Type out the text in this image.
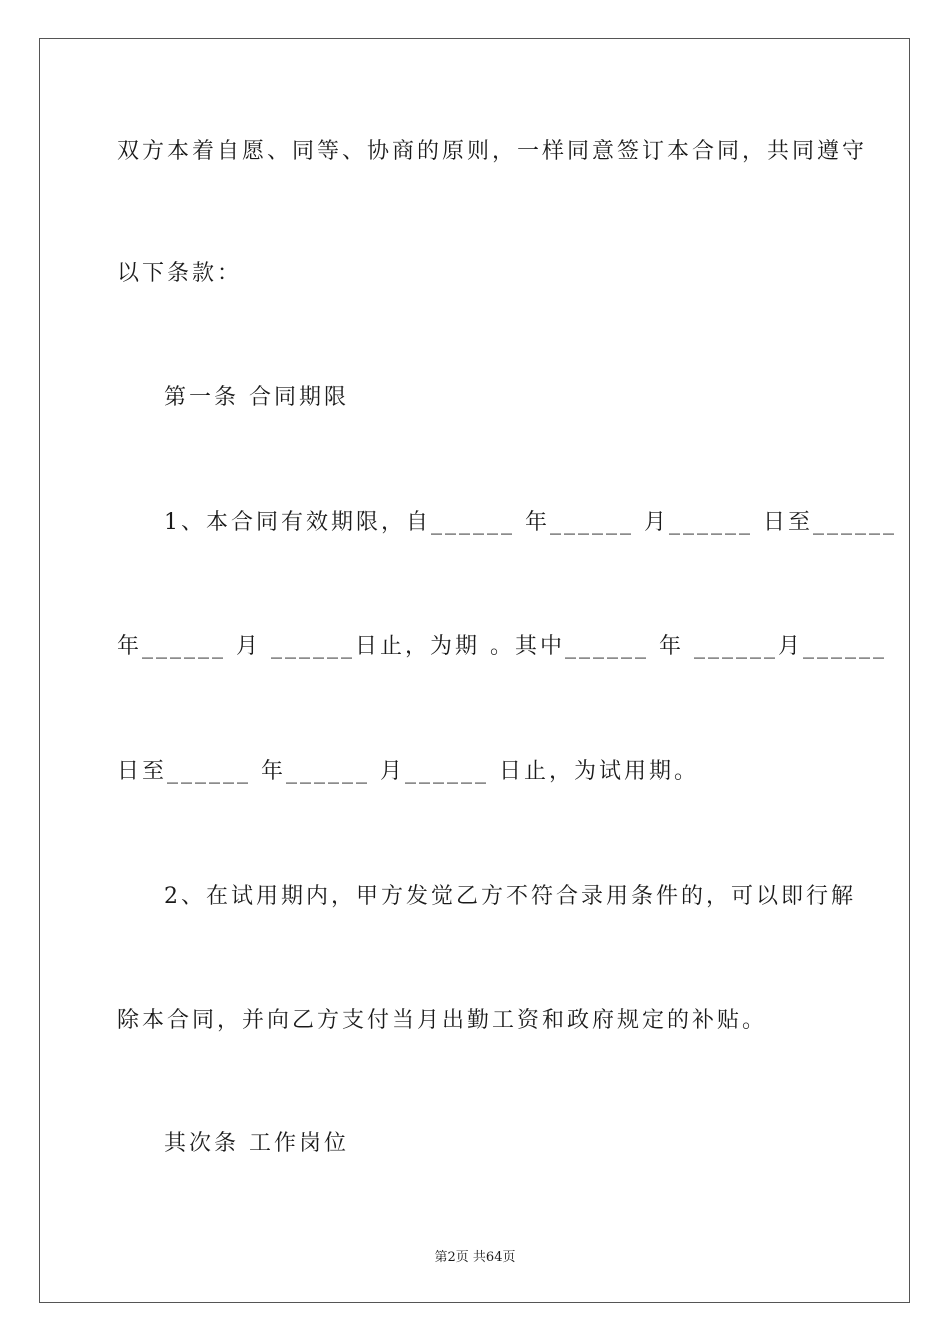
双方本着自愿、同等、协商的原则，一样同意签订本合同，共同遵守
以下条款：
第一条 合同期限
1、本合同有效期限，自______ 年______ 月______ 日至______
年______ 月 ______日止，为期 。其中______ 年 ______月______
日至______ 年______ 月______ 日止，为试用期。
2、在试用期内，甲方发觉乙方不符合录用条件的，可以即行解
除本合同，并向乙方支付当月出勤工资和政府规定的补贴。
其次条 工作岗位
第2页 共64页
